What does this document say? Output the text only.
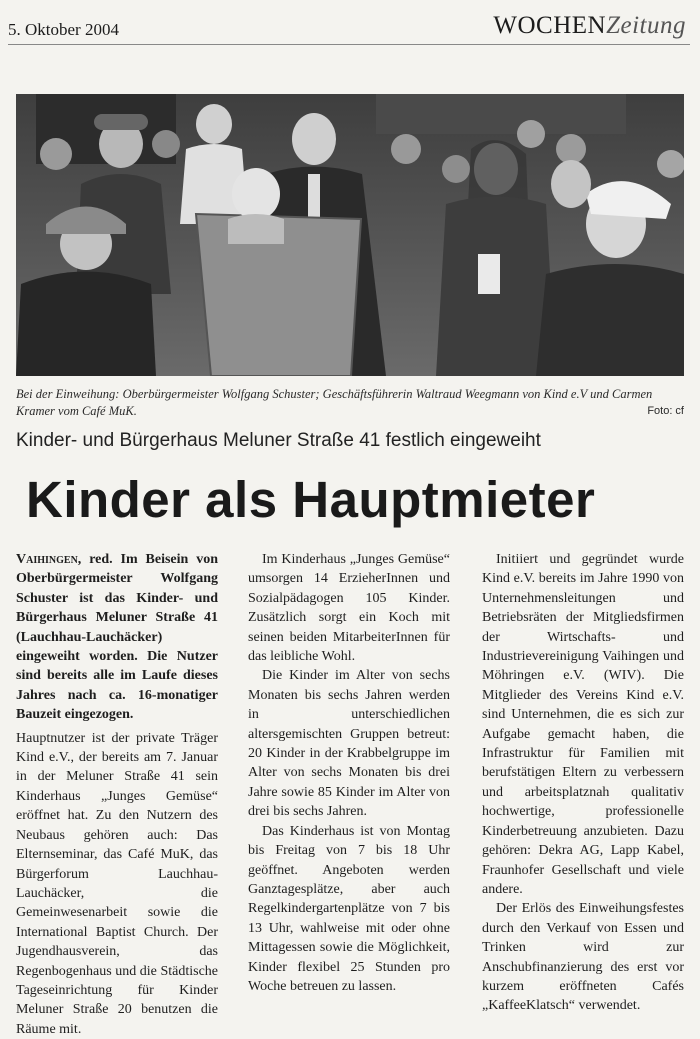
5. Oktober 2004	WOCHENZeitung
Bei der Einweihung: Oberbürgermeister Wolfgang Schuster; Geschäftsführerin Waltraud Weegmann von Kind e.V und Carmen Kramer vom Café MuK.	Foto: cf
Kinder- und Bürgerhaus Meluner Straße 41 festlich eingeweiht
Kinder als Hauptmieter

Vaihingen, red. Im Beisein von Oberbürgermeister Wolfgang Schuster ist das Kinder- und Bürgerhaus Meluner Straße 41 (Lauchhau-Lauchäcker) eingeweiht worden. Die Nutzer sind bereits alle im Laufe dieses Jahres nach ca. 16-monatiger Bauzeit eingezogen.

Hauptnutzer ist der private Träger Kind e.V., der bereits am 7. Januar in der Meluner Straße 41 sein Kinderhaus „Junges Gemüse“ eröffnet hat. Zu den Nutzern des Neubaus gehören auch: Das Elternseminar, das Café MuK, das Bürgerforum Lauchhau-Lauchäcker, die Gemeinwesenarbeit sowie die International Baptist Church. Der Jugendhausverein, das Regenbogenhaus und die Städtische Tageseinrichtung für Kinder Meluner Straße 20 benutzen die Räume mit.

Im Kinderhaus „Junges Gemüse“ umsorgen 14 ErzieherInnen und Sozialpädagogen 105 Kinder. Zusätzlich sorgt ein Koch mit seinen beiden MitarbeiterInnen für das leibliche Wohl.

Die Kinder im Alter von sechs Monaten bis sechs Jahren werden in unterschiedlichen altersgemischten Gruppen betreut: 20 Kinder in der Krabbelgruppe im Alter von sechs Monaten bis drei Jahre sowie 85 Kinder im Alter von drei bis sechs Jahren.

Das Kinderhaus ist von Montag bis Freitag von 7 bis 18 Uhr geöffnet. Angeboten werden Ganztagesplätze, aber auch Regelkindergartenplätze von 7 bis 13 Uhr, wahlweise mit oder ohne Mittagessen sowie die Möglichkeit, Kinder flexibel 25 Stunden pro Woche betreuen zu lassen.

Initiiert und gegründet wurde Kind e.V. bereits im Jahre 1990 von Unternehmensleitungen und Betriebsräten der Mitgliedsfirmen der Wirtschafts- und Industrievereinigung Vaihingen und Möhringen e.V. (WIV). Die Mitglieder des Vereins Kind e.V. sind Unternehmen, die es sich zur Aufgabe gemacht haben, die Infrastruktur für Familien mit berufstätigen Eltern zu verbessern und arbeitsplatznah qualitativ hochwertige, professionelle Kinderbetreuung anzubieten. Dazu gehören: Dekra AG, Lapp Kabel, Fraunhofer Gesellschaft und viele andere.

Der Erlös des Einweihungsfestes durch den Verkauf von Essen und Trinken wird zur Anschubfinanzierung des erst vor kurzem eröffneten Cafés „KaffeeKlatsch“ verwendet.
